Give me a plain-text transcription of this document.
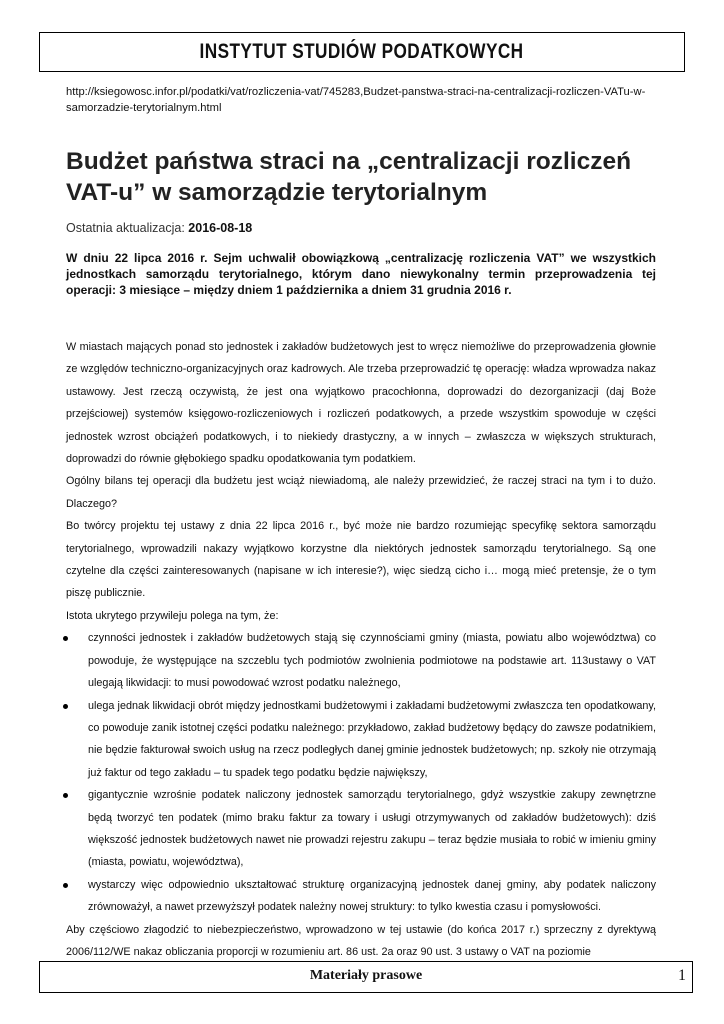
INSTYTUT STUDIÓW PODATKOWYCH
http://ksiegowosc.infor.pl/podatki/vat/rozliczenia-vat/745283,Budzet-panstwa-straci-na-centralizacji-rozliczen-VATu-w-samorzadzie-terytorialnym.html
Budżet państwa straci na „centralizacji rozliczeń VAT-u” w samorządzie terytorialnym
Ostatnia aktualizacja: 2016-08-18
W dniu 22 lipca 2016 r. Sejm uchwalił obowiązkową „centralizację rozliczenia VAT” we wszystkich jednostkach samorządu terytorialnego, którym dano niewykonalny termin przeprowadzenia tej operacji: 3 miesiące – między dniem 1 października a dniem 31 grudnia 2016 r.

W miastach mających ponad sto jednostek i zakładów budżetowych jest to wręcz niemożliwe do przeprowadzenia głownie ze względów techniczno-organizacyjnych oraz kadrowych. Ale trzeba przeprowadzić tę operację: władza wprowadza nakaz ustawowy. Jest rzeczą oczywistą, że jest ona wyjątkowo pracochłonna, doprowadzi do dezorganizacji (daj Boże przejściowej) systemów księgowo-rozliczeniowych i rozliczeń podatkowych, a przede wszystkim spowoduje w części jednostek wzrost obciążeń podatkowych, i to niekiedy drastyczny, a w innych – zwłaszcza w większych strukturach, doprowadzi do równie głębokiego spadku opodatkowania tym podatkiem.

Ogólny bilans tej operacji dla budżetu jest wciąż niewiadomą, ale należy przewidzieć, że raczej straci na tym i to dużo. Dlaczego?

Bo twórcy projektu tej ustawy z dnia 22 lipca 2016 r., być może nie bardzo rozumiejąc specyfikę sektora samorządu terytorialnego, wprowadzili nakazy wyjątkowo korzystne dla niektórych jednostek samorządu terytorialnego. Są one czytelne dla części zainteresowanych (napisane w ich interesie?), więc siedzą cicho i… mogą mieć pretensje, że o tym piszę publicznie.

Istota ukrytego przywileju polega na tym, że:

czynności jednostek i zakładów budżetowych stają się czynnościami gminy (miasta, powiatu albo województwa) co powoduje, że występujące na szczeblu tych podmiotów zwolnienia podmiotowe na podstawie art. 113ustawy o VAT ulegają likwidacji: to musi powodować wzrost podatku należnego,
ulega jednak likwidacji obrót między jednostkami budżetowymi i zakładami budżetowymi zwłaszcza ten opodatkowany, co powoduje zanik istotnej części podatku należnego: przykładowo, zakład budżetowy będący do zawsze podatnikiem, nie będzie fakturował swoich usług na rzecz podległych danej gminie jednostek budżetowych; np. szkoły nie otrzymają już faktur od tego zakładu – tu spadek tego podatku będzie największy,
gigantycznie wzrośnie podatek naliczony jednostek samorządu terytorialnego, gdyż wszystkie zakupy zewnętrzne będą tworzyć ten podatek (mimo braku faktur za towary i usługi otrzymywanych od zakładów budżetowych): dziś większość jednostek budżetowych nawet nie prowadzi rejestru zakupu – teraz będzie musiała to robić w imieniu gminy (miasta, powiatu, województwa),
wystarczy więc odpowiednio ukształtować strukturę organizacyjną jednostek danej gminy, aby podatek naliczony zrównoważył, a nawet przewyższył podatek należny nowej struktury: to tylko kwestia czasu i pomysłowości.

Aby częściowo złagodzić to niebezpieczeństwo, wprowadzono w tej ustawie (do końca 2017 r.) sprzeczny z dyrektywą 2006/112/WE nakaz obliczania proporcji w rozumieniu art. 86 ust. 2a oraz 90 ust. 3 ustawy o VAT na poziomie

Materiały prasowe	1
